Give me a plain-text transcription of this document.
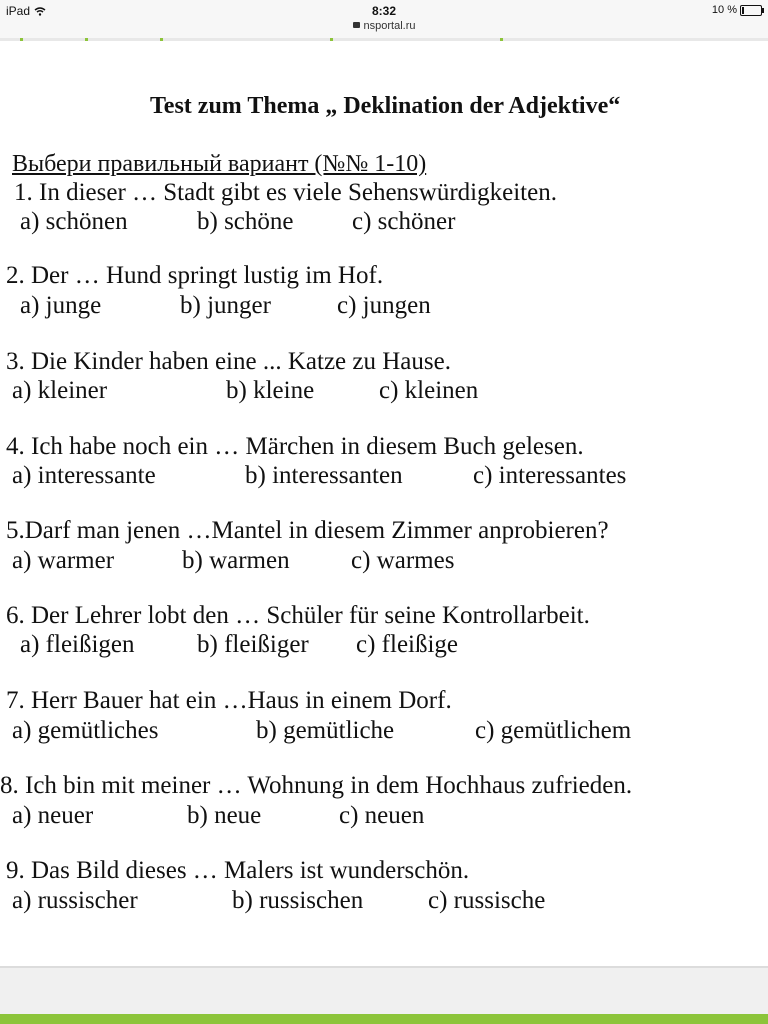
iPad	8:32
nsportal.ru
10 %
Test zum Thema „ Deklination der Adjektive“
Выбери правильный вариант (№№ 1-10)
1. In dieser … Stadt gibt es viele Sehenswürdigkeiten.
a) schönen	b) schöne c) schöner
2. Der … Hund springt lustig im Hof.
a) junge	b) junger	c) jungen
3. Die Kinder haben eine ... Katze zu Hause.
a) kleiner	b) kleine	c) kleinen
4. Ich habe noch ein … Märchen in diesem Buch gelesen.
a) interessante	b) interessanten	c) interessantes
5.Darf man jenen …Mantel in diesem Zimmer anprobieren?
a) warmer	b) warmen c) warmes
6. Der Lehrer lobt den … Schüler für seine Kontrollarbeit.
a) fleißigen b) fleißiger c) fleißige
7. Herr Bauer hat ein …Haus in einem Dorf.
a) gemütliches	b) gemütliche	c) gemütlichem
8. Ich bin mit meiner … Wohnung in dem Hochhaus zufrieden.
a) neuer	b) neue	c) neuen
9. Das Bild dieses … Malers ist wunderschön.
a) russischer	b) russischen	c) russische
